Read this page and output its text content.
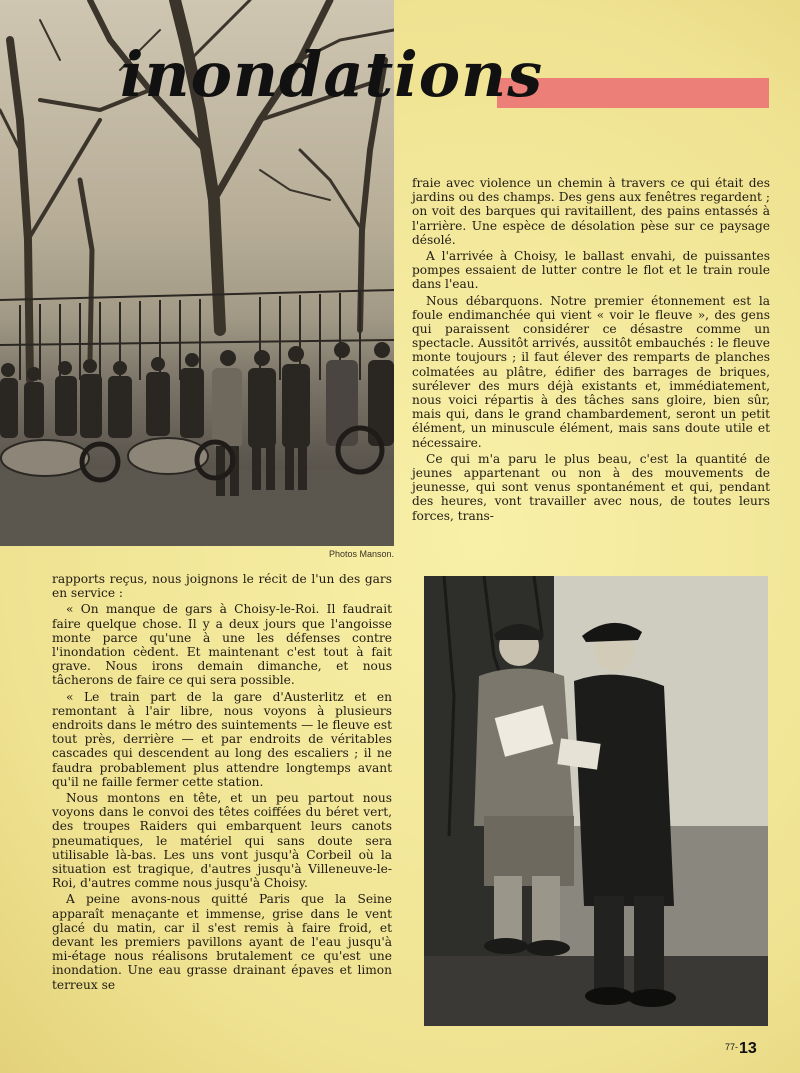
Photos Manson.
inondations

fraie avec violence un chemin à travers ce qui était des jardins ou des champs. Des gens aux fenêtres regardent ; on voit des barques qui ravitaillent, des pains entassés à l'arrière. Une espèce de désolation pèse sur ce paysage désolé.

A l'arrivée à Choisy, le ballast envahi, de puissantes pompes essaient de lutter contre le flot et le train roule dans l'eau.

Nous débarquons. Notre premier étonnement est la foule endimanchée qui vient « voir le fleuve », des gens qui paraissent considérer ce désastre comme un spectacle. Aussitôt arrivés, aussitôt embauchés : le fleuve monte toujours ; il faut élever des remparts de planches colmatées au plâtre, édifier des barrages de briques, surélever des murs déjà existants et, immédiatement, nous voici répartis à des tâches sans gloire, bien sûr, mais qui, dans le grand chambardement, seront un petit élément, un minuscule élément, mais sans doute utile et nécessaire.

Ce qui m'a paru le plus beau, c'est la quantité de jeunes appartenant ou non à des mouvements de jeunesse, qui sont venus spontanément et qui, pendant des heures, vont travailler avec nous, de toutes leurs forces, trans-

rapports reçus, nous joignons le récit de l'un des gars en service :

« On manque de gars à Choisy-le-Roi. Il faudrait faire quelque chose. Il y a deux jours que l'angoisse monte parce qu'une à une les défenses contre l'inondation cèdent. Et maintenant c'est tout à fait grave. Nous irons demain dimanche, et nous tâcherons de faire ce qui sera possible.

« Le train part de la gare d'Austerlitz et en remontant à l'air libre, nous voyons à plusieurs endroits dans le métro des suintements — le fleuve est tout près, derrière — et par endroits de véritables cascades qui descendent au long des escaliers ; il ne faudra probablement plus attendre longtemps avant qu'il ne faille fermer cette station.

Nous montons en tête, et un peu partout nous voyons dans le convoi des têtes coiffées du béret vert, des troupes Raiders qui embarquent leurs canots pneumatiques, le matériel qui sans doute sera utilisable là-bas. Les uns vont jusqu'à Corbeil où la situation est tragique, d'autres jusqu'à Villeneuve-le-Roi, d'autres comme nous jusqu'à Choisy.

A peine avons-nous quitté Paris que la Seine apparaît menaçante et immense, grise dans le vent glacé du matin, car il s'est remis à faire froid, et devant les premiers pavillons ayant de l'eau jusqu'à mi-étage nous réalisons brutalement ce qu'est une inondation. Une eau grasse drainant épaves et limon terreux se

77-13
